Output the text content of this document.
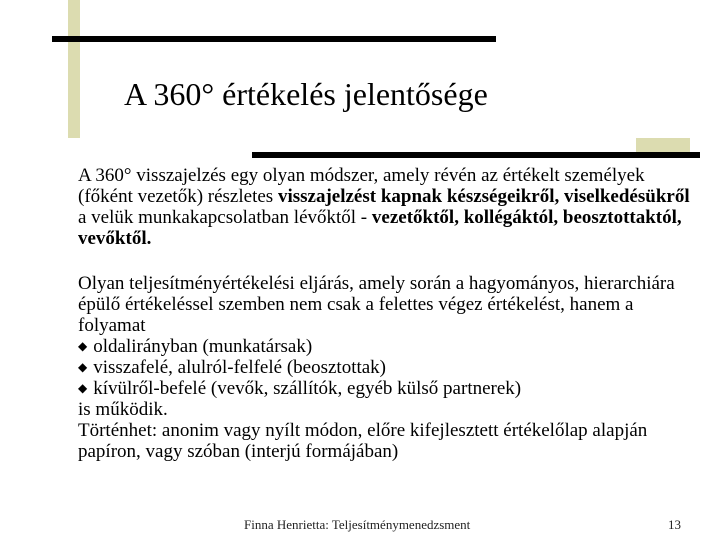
A 360° értékelés jelentősége

A 360° visszajelzés egy olyan módszer, amely révén az értékelt személyek (főként vezetők) részletes visszajelzést kapnak készségeikről, viselkedésükről a velük munkakapcsolatban lévőktől - vezetőktől, kollégáktól, beosztottaktól, vevőktől.

Olyan teljesítményértékelési eljárás, amely során a hagyományos, hierarchiára épülő értékeléssel szemben nem csak a felettes végez értékelést, hanem a folyamat
◆ oldalirányban (munkatársak)
◆ visszafelé, alulról-felfelé (beosztottak)
◆ kívülről-befelé (vevők, szállítók, egyéb külső partnerek)
is működik.
Történhet: anonim vagy nyílt módon, előre kifejlesztett értékelőlap alapján papíron, vagy szóban (interjú formájában)

Finna Henrietta: Teljesítménymenedzsment	13
